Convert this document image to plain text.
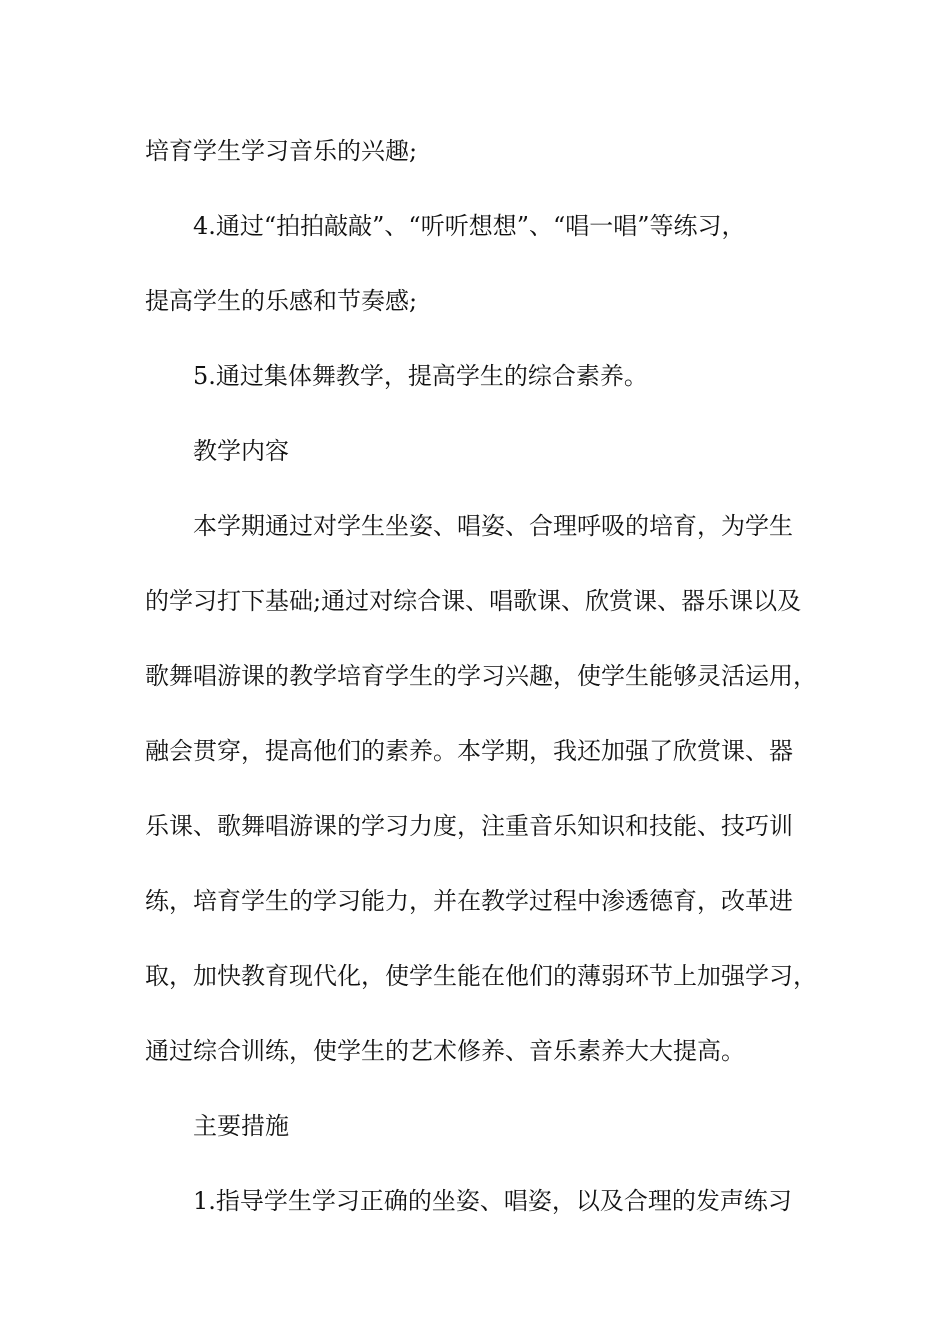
培育学生学习音乐的兴趣;
4.通过“拍拍敲敲”、“听听想想”、“唱一唱”等练习，
提高学生的乐感和节奏感;
5.通过集体舞教学，提高学生的综合素养。
教学内容
本学期通过对学生坐姿、唱姿、合理呼吸的培育，为学生
的学习打下基础;通过对综合课、唱歌课、欣赏课、器乐课以及
歌舞唱游课的教学培育学生的学习兴趣，使学生能够灵活运用，
融会贯穿，提高他们的素养。本学期，我还加强了欣赏课、器
乐课、歌舞唱游课的学习力度，注重音乐知识和技能、技巧训
练，培育学生的学习能力，并在教学过程中渗透德育，改革进
取，加快教育现代化，使学生能在他们的薄弱环节上加强学习，
通过综合训练，使学生的艺术修养、音乐素养大大提高。
主要措施
1.指导学生学习正确的坐姿、唱姿，以及合理的发声练习
